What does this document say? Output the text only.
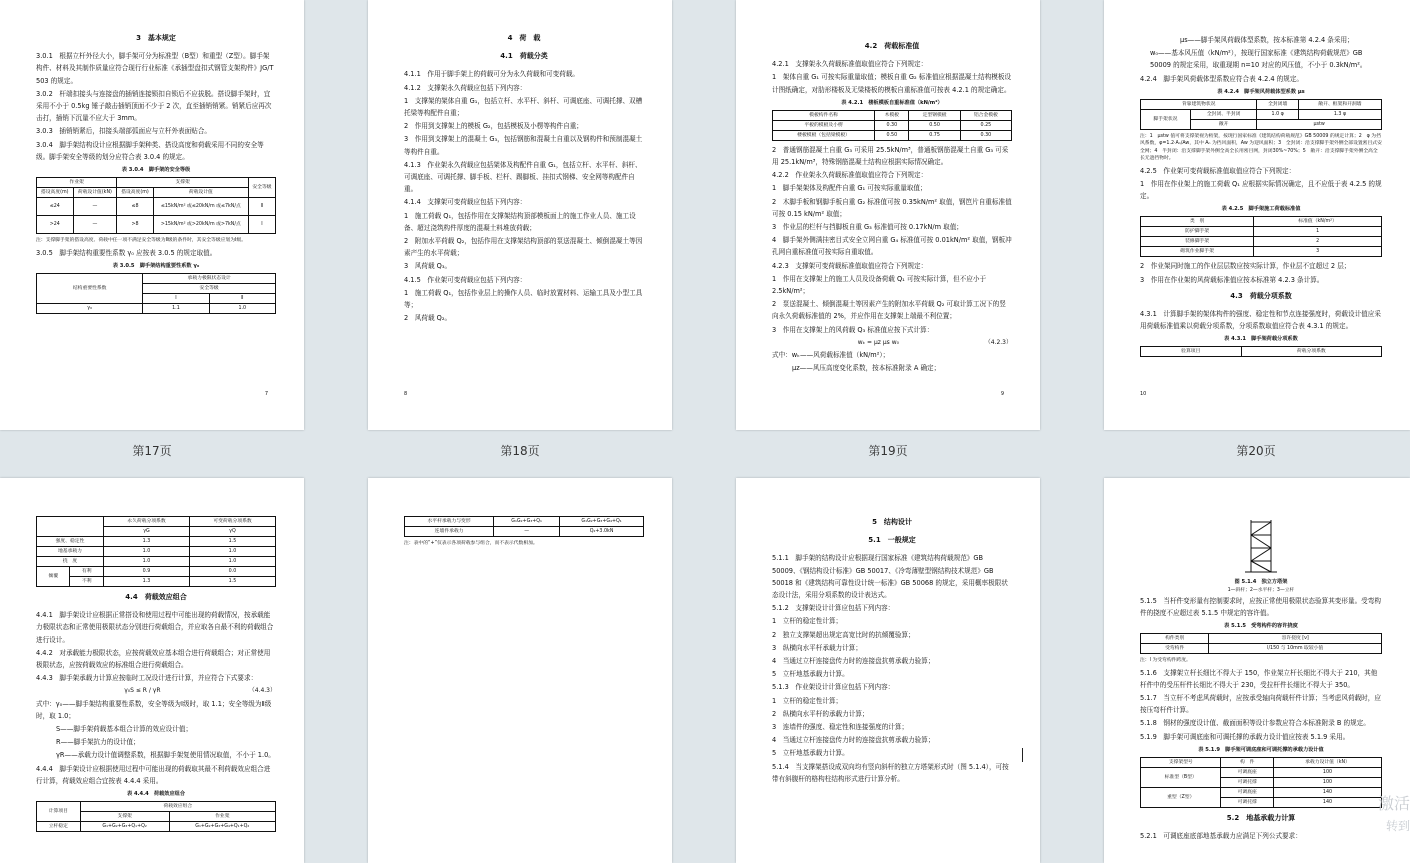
3　基本规定

3.0.1　根据立杆外径大小，脚手架可分为标准型（B型）和重型（Z型）。脚手架构件、材料及其制作质量应符合现行行业标准《承插型盘扣式钢管支架构件》JG/T 503 的规定。

3.0.2　杆端扣接头与连接盘的插销连接锁扣自锁后不应拔脱。搭设脚手架时，宜采用不小于 0.5kg 锤子敲击插销顶面不少于 2 次，直至插销销紧。销紧后应再次击打，插销下沉量不应大于 3mm。

3.0.3　插销销紧后，扣接头端部弧面应与立杆外表面贴合。

3.0.4　脚手架结构设计应根据脚手架种类、搭设高度和荷载采用不同的安全等级。脚手架安全等级的划分应符合表 3.0.4 的规定。

表 3.0.4　脚手架的安全等级
作业架		支撑架		安全等级
搭设高度(m)	荷载设计值(kN)	搭设高度(m)	荷载设计值	
≤24	—	≤8	≤15kN/m² 或≤20kN/m 或≤7kN/点	Ⅱ
>24	—	>8	>15kN/m² 或>20kN/m 或>7kN/点	Ⅰ
注：支撑脚手架的搭设高度、荷载中任一项不满足安全等级为Ⅱ级的条件时，其安全等级应划为Ⅰ级。

3.0.5　脚手架结构重要性系数 γ₀ 应按表 3.0.5 的规定取值。

表 3.0.5　脚手架结构重要性系数 γ₀
结构重要性系数	承载力极限状态设计	
	安全等级	
	Ⅰ	Ⅱ
γ₀	1.1	1.0
7
第17页
4　荷　载
4.1　荷载分类

4.1.1　作用于脚手架上的荷载可分为永久荷载和可变荷载。

4.1.2　支撑架永久荷载应包括下列内容：

1　支撑架的架体自重 G₁，包括立杆、水平杆、斜杆、可调底座、可调托撑、双槽托梁等构配件自重；

2　作用到支撑架上的模板 G₂，包括模板及小楞等构件自重；

3　作用到支撑架上的混凝土 G₃，包括钢筋和混凝土自重以及钢构件和预制混凝土等构件自重。

4.1.3　作业架永久荷载应包括架体及构配件自重 G₁，包括立杆、水平杆、斜杆、可调底座、可调托撑、脚手板、栏杆、踢脚板、挂扣式钢梯、安全网等构配件自重。

4.1.4　支撑架可变荷载应包括下列内容：

1　施工荷载 Q₁，包括作用在支撑架结构顶部模板面上的施工作业人员、施工设备、超过浇筑构件厚度的混凝土料堆放荷载；

2　附加水平荷载 Q₂，包括作用在支撑架结构顶部的泵送混凝土、倾倒混凝土等因素产生的水平荷载；

3　风荷载 Q₃。

4.1.5　作业架可变荷载应包括下列内容：

1　施工荷载 Q₁，包括作业层上的操作人员、临时放置材料、运输工具及小型工具等；

2　风荷载 Q₂。

8
第18页
4.2　荷载标准值

4.2.1　支撑架永久荷载标准值取值应符合下列规定：

1　架体自重 G₁ 可按实际重量取值；模板自重 G₂ 标准值应根据混凝土结构模板设计图纸确定，对肋形楼板及无梁楼板的模板自重标准值可按表 4.2.1 的规定确定。

表 4.2.1　楼板模板自重标准值（kN/m²）
模板构件名称	木模板	定型钢模板	铝合金模板
平板的模板及小楞	0.30	0.50	0.25
楼板模板（包括梁模板）	0.50	0.75	0.30

2　普通钢筋混凝土自重 G₃ 可采用 25.5kN/m³，普通板钢筋混凝土自重 G₃ 可采用 25.1kN/m³，特殊钢筋混凝土结构应根据实际情况确定。

4.2.2　作业架永久荷载标准值取值应符合下列规定：

1　脚手架架体及构配件自重 G₁ 可按实际重量取值；

2　木脚手板和钢脚手板自重 G₂ 标准值可按 0.35kN/m² 取值，钢笆片自重标准值可按 0.15 kN/m² 取值；

3　作业层的栏杆与挡脚板自重 G₃ 标准值可按 0.17kN/m 取值；

4　脚手架外侧满挂密目式安全立网自重 G₄ 标准值可按 0.01kN/m² 取值，钢板冲孔网自重标准值可按实际自重取值。

4.2.3　支撑架可变荷载标准值取值应符合下列规定：

1　作用在支撑架上的施工人员及设备荷载 Q₁ 可按实际计算，但不应小于 2.5kN/m²；

2　泵送混凝土、倾倒混凝土等因素产生的附加水平荷载 Q₂ 可取计算工况下的竖向永久荷载标准值的 2%，并应作用在支撑架上端最不利位置；

3　作用在支撑架上的风荷载 Q₃ 标准值应按下式计算：

wₖ = μz μs w₀	（4.2.3）

式中：wₖ——风荷载标准值（kN/m²）；

μz——风压高度变化系数，按本标准附录 A 确定；

9
第19页

μs——脚手架风荷载体型系数，按本标准第 4.2.4 条采用；

w₀——基本风压值（kN/m²），按现行国家标准《建筑结构荷载规范》GB 50009 的规定采用，取重现期 n=10 对应的风压值，不小于 0.3kN/m²。

4.2.4　脚手架风荷载体型系数应符合表 4.2.4 的规定。

表 4.2.4　脚手架风荷载体型系数 μs
背靠建筑物状况		全封闭墙	敞开、框架和开洞墙
脚手架状况	全封闭、半封闭	1.0 φ	1.3 φ
	敞开	μstw	
注：1　μstw 值可将支撑架视为桁架，按现行国家标准《建筑结构荷载规范》GB 50009 的规定计算；2　φ 为挡风系数，φ=1.2·Aₙ/Aw，其中 Aₙ 为挡风面积，Aw 为迎风面积；3　全封闭：沿支撑脚手架外侧全部设置密目式安全网；4　半封闭：沿支撑脚手架外侧全高全长用密目网，封闭30%~70%；5　敞开：沿支撑脚手架外侧全高全长无遮挡物时。

4.2.5　作业架可变荷载标准值取值应符合下列规定：

1　作用在作业架上的施工荷载 Q₁ 应根据实际情况确定，且不应低于表 4.2.5 的规定。

表 4.2.5　脚手架施工荷载标准值
类　别	标准值（kN/m²）
防护脚手架	1
装修脚手架	2
砌筑作业脚手架	3

2　作业架同时施工的作业层层数应按实际计算，作业层不宜超过 2 层；

3　作用在作业架的风荷载标准值应按本标准第 4.2.3 条计算。

4.3　荷载分项系数

4.3.1　计算脚手架的架体构件的强度、稳定性和节点连接强度时，荷载设计值应采用荷载标准值乘以荷载分项系数，分项系数取值应符合表 4.3.1 的规定。

表 4.3.1　脚手架荷载分项系数
验算项目	荷载分项系数
10
第20页
		永久荷载分项系数	可变荷载分项系数
		γG	γQ
强度、稳定性		1.3	1.5
地基承载力		1.0	1.0
挠　度		1.0	1.0
倾覆	有利	0.9	0.0
	不利	1.3	1.5
4.4　荷载效应组合

4.4.1　脚手架设计应根据正常搭设和使用过程中可能出现的荷载情况，按承载能力极限状态和正常使用极限状态分别进行荷载组合，并应取各自最不利的荷载组合进行设计。

4.4.2　对承载能力极限状态，应按荷载效应基本组合进行荷载组合；对正常使用极限状态，应按荷载效应的标准组合进行荷载组合。

4.4.3　脚手架承载力计算应按临时工况设计进行计算，并应符合下式要求：

γ₀S ≤ R / γR	（4.4.3）

式中：γ₀——脚手架结构重要性系数，安全等级为Ⅰ级时，取 1.1；安全等级为Ⅱ级时，取 1.0；

S——脚手架荷载基本组合计算的效应设计值；

R——脚手架抗力的设计值；

γR——承载力设计值调整系数，根据脚手架复使用情况取值，不小于 1.0。

4.4.4　脚手架设计应根据使用过程中可能出现的荷载取其最不利荷载效应组合进行计算，荷载效应组合宜按表 4.4.4 采用。

表 4.4.4　荷载效应组合
计算项目	荷载效应组合	
	支撑架	作业架
立杆稳定	G₁+G₂+G₃+Q₁+Q₂	G₁+G₂+G₃+G₄+Q₁+Q₂
水平杆承载力与变形	G₁G₂+G₃+Q₁	G₁G₂+G₃+G₄+Q₁
连墙件承载力	—	Q₂+3.0kN
注：表中的“+”仅表示各项荷载参与组合，而不表示代数相加。
5　结构设计
5.1　一般规定

5.1.1　脚手架的结构设计应根据现行国家标准《建筑结构荷载规范》GB 50009、《钢结构设计标准》GB 50017、《冷弯薄壁型钢结构技术规范》GB 50018 和《建筑结构可靠性设计统一标准》GB 50068 的规定，采用概率极限状态设计法，采用分项系数的设计表达式。

5.1.2　支撑架设计计算应包括下列内容：

1　立杆的稳定性计算；

2　独立支撑架超出规定高宽比时的抗倾覆验算；

3　纵横向水平杆承载力计算；

4　当通过立杆连接盘传力时的连接盘抗剪承载力验算；

5　立杆地基承载力计算。

5.1.3　作业架设计计算应包括下列内容：

1　立杆的稳定性计算；

2　纵横向水平杆的承载力计算；

3　连墙件的强度、稳定性和连接强度的计算；

4　当通过立杆连接盘传力时的连接盘抗剪承载力验算；

5　立杆地基承载力计算。

5.1.4　当支撑架搭设成双向均有竖向斜杆的独立方塔架形式时（图 5.1.4），可按带有斜腹杆的格构柱结构形式进行计算分析。

图 5.1.4　独立方塔架
1—斜杆；2—水平杆；3—立杆

5.1.5　当杆件变形量有控制要求时，应按正常使用极限状态验算其变形量。受弯构件的挠度不应超过表 5.1.5 中规定的容许值。

表 5.1.5　受弯构件的容许挠度
构件类别	容许挠度 [ν]
受弯构件	l/150 与 10mm 取较小值
注：l 为受弯构件跨度。

5.1.6　支撑架立杆长细比不得大于 150，作业架立杆长细比不得大于 210，其他杆件中的受压杆件长细比不得大于 230，受拉杆件长细比不得大于 350。

5.1.7　当立杆不考虑风荷载时，应按承受轴向荷载杆件计算；当考虑风荷载时，应按压弯杆件计算。

5.1.8　钢材的强度设计值、截面面积等设计参数应符合本标准附录 B 的规定。

5.1.9　脚手架可调底座和可调托撑的承载力设计值应按表 5.1.9 采用。

表 5.1.9　脚手架可调底座和可调托撑的承载力设计值
支撑架型号	构　件	承载力设计值（kN）
标准型（B型）	可调底座	100
	可调托撑	100
重型（Z型）	可调底座	140
	可调托撑	140
5.2　地基承载力计算

5.2.1　可调底座底部地基承载力应满足下列公式要求：

激活
转到
